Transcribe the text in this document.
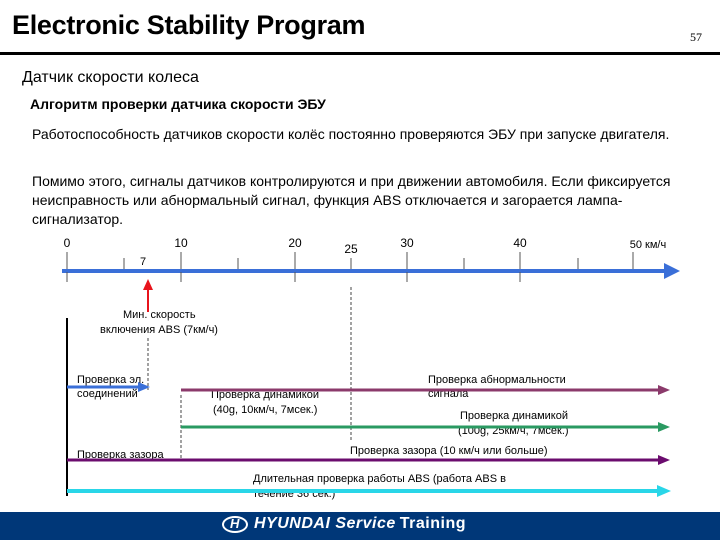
Electronic Stability Program	57
Датчик скорости колеса
Алгоритм проверки датчика скорости ЭБУ
Работоспособность датчиков скорости колёс постоянно проверяются ЭБУ при запуске двигателя.
Помимо этого, сигналы датчиков контролируются и при движении автомобиля. Если фиксируется неисправность или абнормальный сигнал, функция ABS отключается и загорается лампа-сигнализатор.
0	10	20	25	30	40	50 км/ч
7
Мин. скорость
включения ABS (7км/ч)
Проверка эл.
соединений	Проверка динамикой
(40g, 10км/ч, 7мсек.)
Проверка абнормальности
сигнала
Проверка динамикой
(100g, 25км/ч, 7мсек.)
Проверка зазора (10 км/ч или больше)
Проверка зазора
Длительная проверка работы ABS (работа ABS в
течение 36 сек.)
HHYUNDAI Service Training
